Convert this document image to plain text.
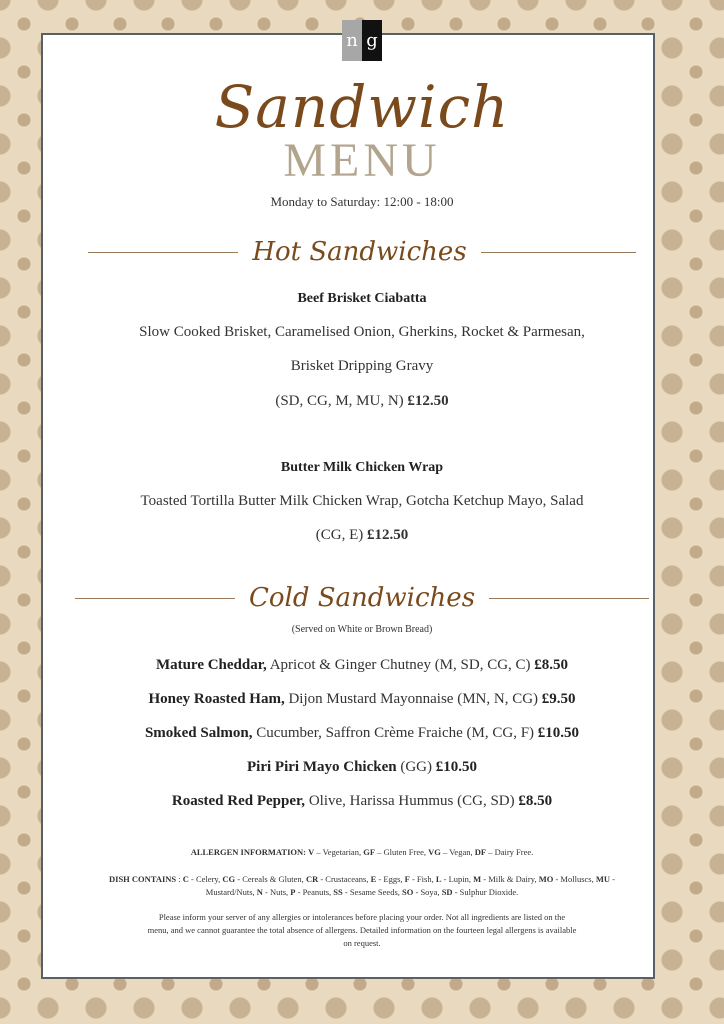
n g
Sandwich
MENU
Monday to Saturday: 12:00 - 18:00
Hot Sandwiches
Beef Brisket Ciabatta
Slow Cooked Brisket, Caramelised Onion, Gherkins, Rocket & Parmesan,
Brisket Dripping Gravy
(SD, CG, M, MU, N) £12.50
Butter Milk Chicken Wrap
Toasted Tortilla Butter Milk Chicken Wrap, Gotcha Ketchup Mayo, Salad
(CG, E) £12.50
Cold Sandwiches
(Served on White or Brown Bread)
Mature Cheddar, Apricot & Ginger Chutney (M, SD, CG, C) £8.50
Honey Roasted Ham, Dijon Mustard Mayonnaise (MN, N, CG) £9.50
Smoked Salmon, Cucumber, Saffron Crème Fraiche (M, CG, F) £10.50
Piri Piri Mayo Chicken (GG) £10.50
Roasted Red Pepper, Olive, Harissa Hummus (CG, SD) £8.50
ALLERGEN INFORMATION: V – Vegetarian, GF – Gluten Free, VG – Vegan, DF – Dairy Free.
DISH CONTAINS : C - Celery, CG - Cereals & Gluten, CR - Crustaceans, E - Eggs, F - Fish, L - Lupin, M - Milk & Dairy, MO - Molluscs, MU -
Mustard/Nuts, N - Nuts, P - Peanuts, SS - Sesame Seeds, SO - Soya, SD - Sulphur Dioxide.
Please inform your server of any allergies or intolerances before placing your order. Not all ingredients are listed on the
menu, and we cannot guarantee the total absence of allergens. Detailed information on the fourteen legal allergens is available
on request.
